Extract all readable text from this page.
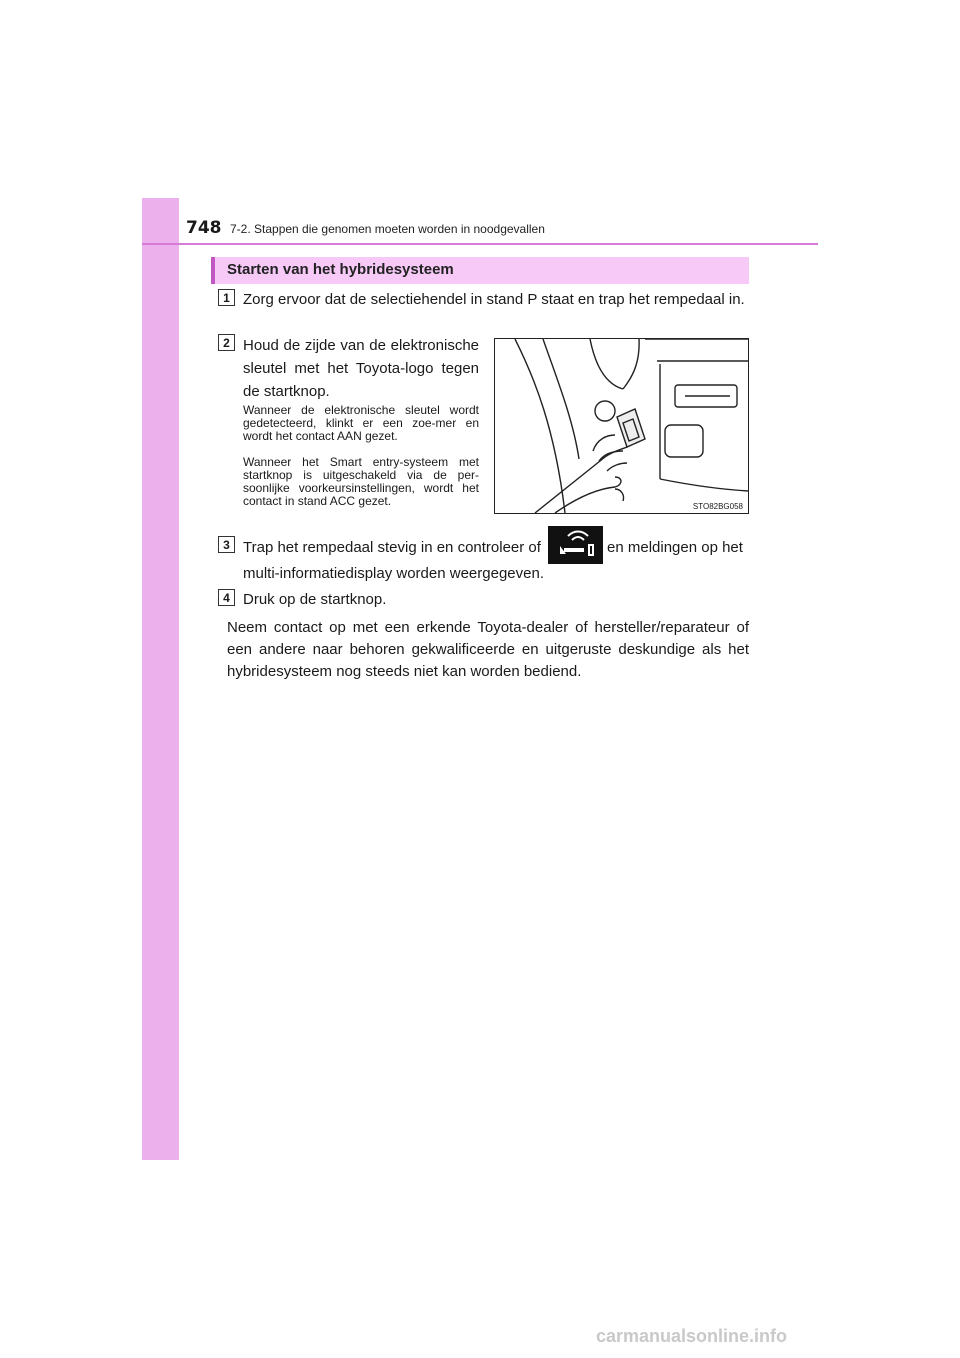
748 7-2. Stappen die genomen moeten worden in noodgevallen
Starten van het hybridesysteem
1 Zorg ervoor dat de selectiehendel in stand P staat en trap het rempedaal in.
2 Houd de zijde van de elektronische sleutel met het Toyota-logo tegen de startknop.
Wanneer de elektronische sleutel wordt gedetecteerd, klinkt er een zoe-mer en wordt het contact AAN gezet.
Wanneer het Smart entry-systeem met startknop is uitgeschakeld via de per-soonlijke voorkeursinstellingen, wordt het contact in stand ACC gezet.	STO82BG058
3 Trap het rempedaal stevig in en controleer of	en meldingen op het
multi-informatiedisplay worden weergegeven.
4 Druk op de startknop.
Neem contact op met een erkende Toyota-dealer of hersteller/reparateur of een andere naar behoren gekwalificeerde en uitgeruste deskundige als het hybridesysteem nog steeds niet kan worden bediend.
carmanualsonline.info
